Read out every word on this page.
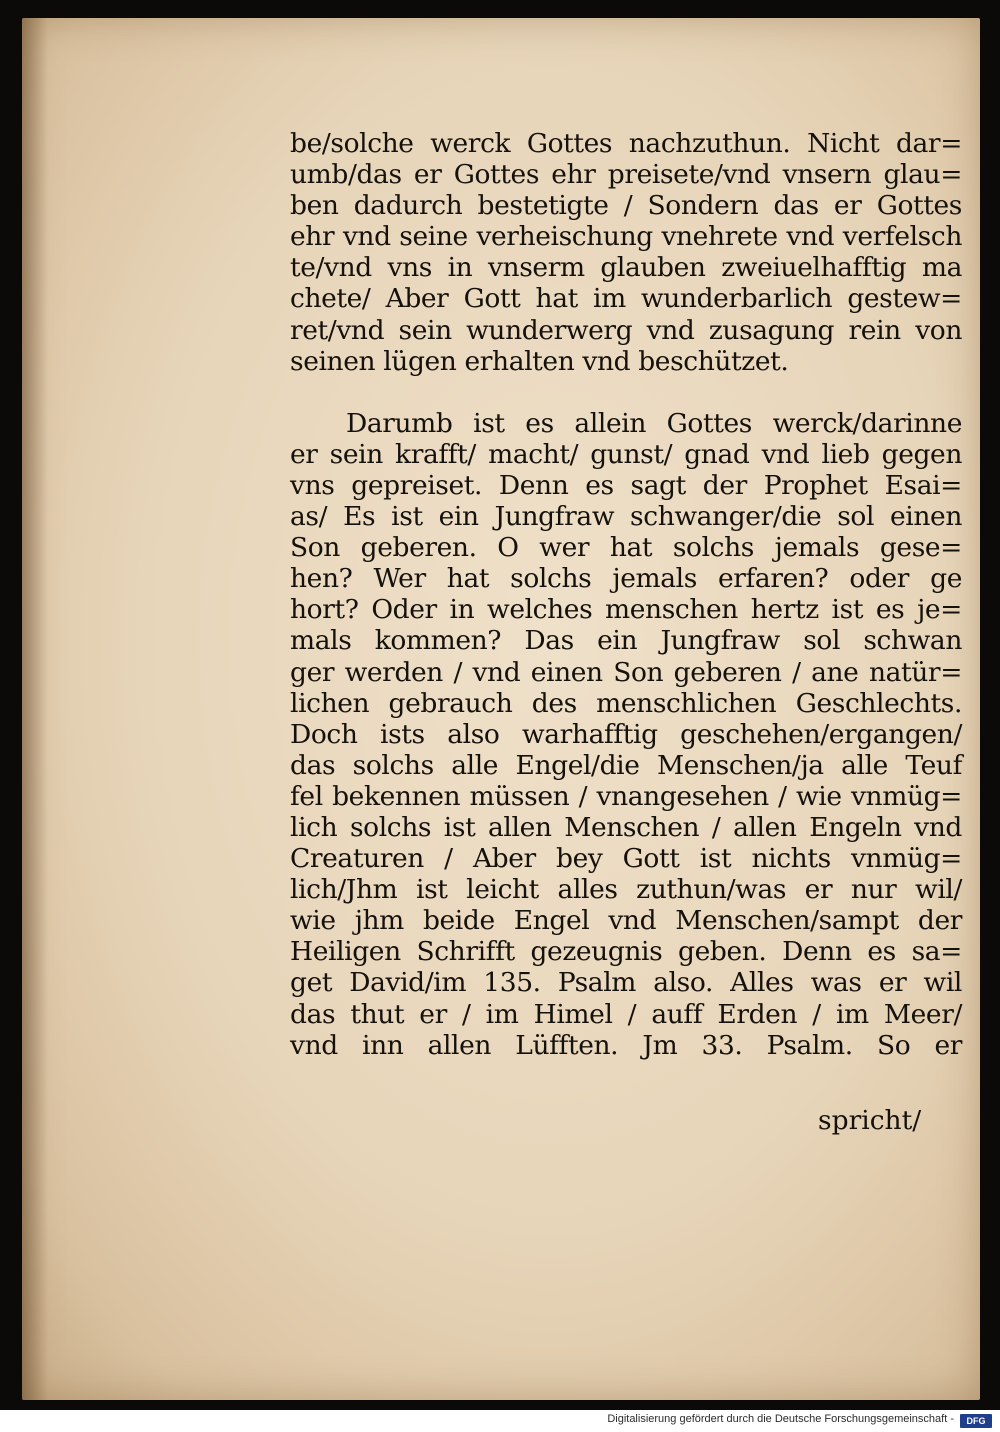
be/solche werck Gottes nachzuthun. Nicht dar=
umb/das er Gottes ehr preisete/vnd vnsern glau=
ben dadurch bestetigte / Sondern das er Gottes
ehr vnd seine verheischung vnehrete vnd verfelsch
te/vnd vns in vnserm glauben zweiuelhafftig ma
chete/ Aber Gott hat im wunderbarlich gestew=
ret/vnd sein wunderwerg vnd zusagung rein von
seinen lügen erhalten vnd beschützet.
Darumb ist es allein Gottes werck/darinne
er sein krafft/ macht/ gunst/ gnad vnd lieb gegen
vns gepreiset. Denn es sagt der Prophet Esai=
as/ Es ist ein Jungfraw schwanger/die sol einen
Son geberen. O wer hat solchs jemals gese=
hen? Wer hat solchs jemals erfaren? oder ge
hort? Oder in welches menschen hertz ist es je=
mals kommen? Das ein Jungfraw sol schwan
ger werden / vnd einen Son geberen / ane natür=
lichen gebrauch des menschlichen Geschlechts.
Doch ists also warhafftig geschehen/ergangen/
das solchs alle Engel/die Menschen/ja alle Teuf
fel bekennen müssen / vnangesehen / wie vnmüg=
lich solchs ist allen Menschen / allen Engeln vnd
Creaturen / Aber bey Gott ist nichts vnmüg=
lich/Jhm ist leicht alles zuthun/was er nur wil/
wie jhm beide Engel vnd Menschen/sampt der
Heiligen Schrifft gezeugnis geben. Denn es sa=
get David/im 135. Psalm also. Alles was er wil
das thut er / im Himel / auff Erden / im Meer/
vnd inn allen Lüfften. Jm 33. Psalm. So er
spricht/
Digitalisierung gefördert durch die Deutsche Forschungsgemeinschaft -	DFG
